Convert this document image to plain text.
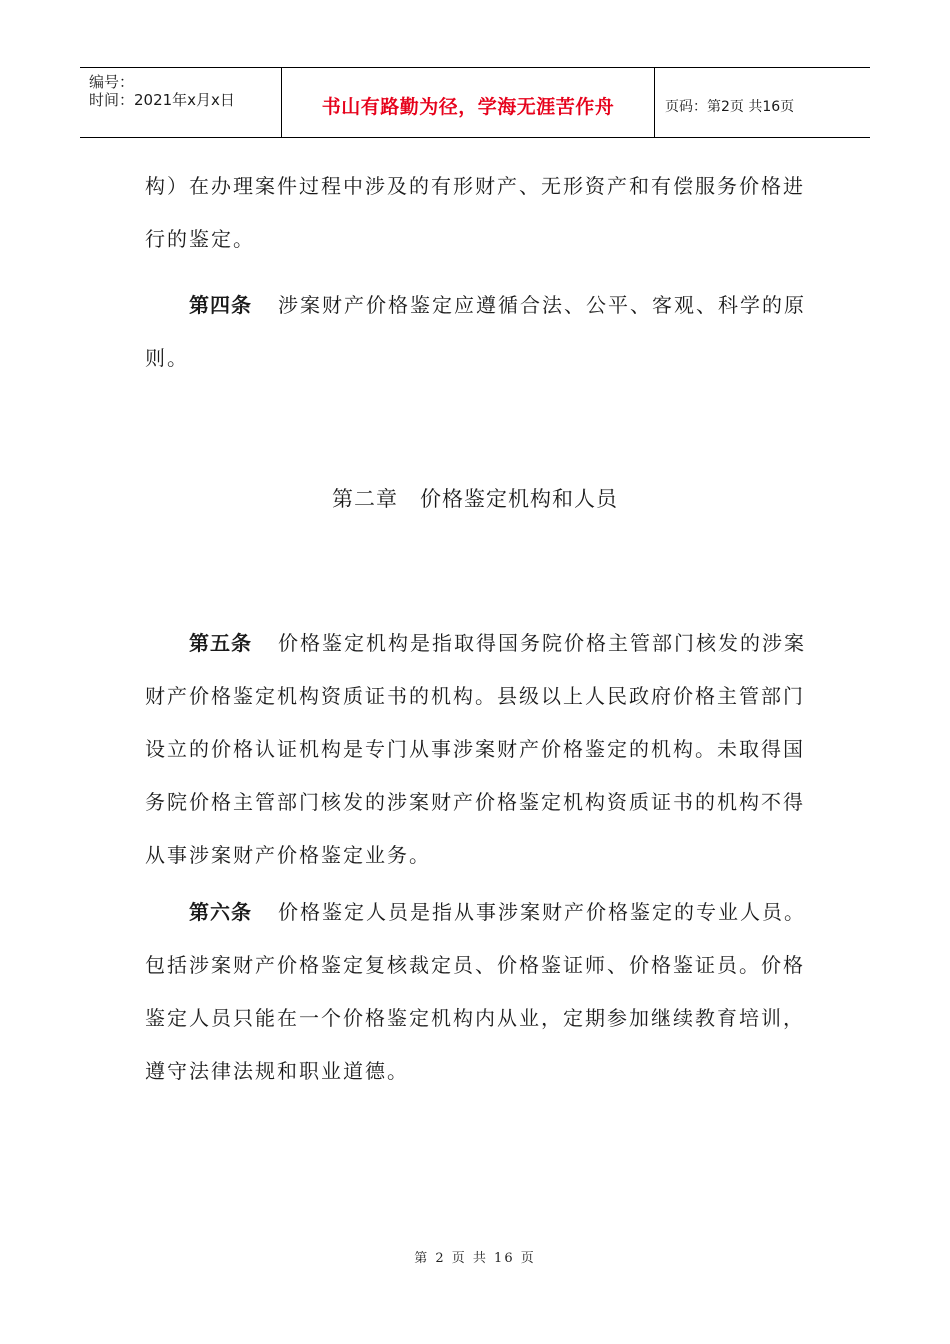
编号：
时间：2021年x月x日	书山有路勤为径，学海无涯苦作舟	页码：第2页 共16页

构）在办理案件过程中涉及的有形财产、无形资产和有偿服务价格进行的鉴定。

第四条 涉案财产价格鉴定应遵循合法、公平、客观、科学的原则。

第二章 价格鉴定机构和人员

第五条 价格鉴定机构是指取得国务院价格主管部门核发的涉案财产价格鉴定机构资质证书的机构。县级以上人民政府价格主管部门设立的价格认证机构是专门从事涉案财产价格鉴定的机构。未取得国务院价格主管部门核发的涉案财产价格鉴定机构资质证书的机构不得从事涉案财产价格鉴定业务。

第六条 价格鉴定人员是指从事涉案财产价格鉴定的专业人员。包括涉案财产价格鉴定复核裁定员、价格鉴证师、价格鉴证员。价格鉴定人员只能在一个价格鉴定机构内从业，定期参加继续教育培训，遵守法律法规和职业道德。

第 2 页 共 16 页
